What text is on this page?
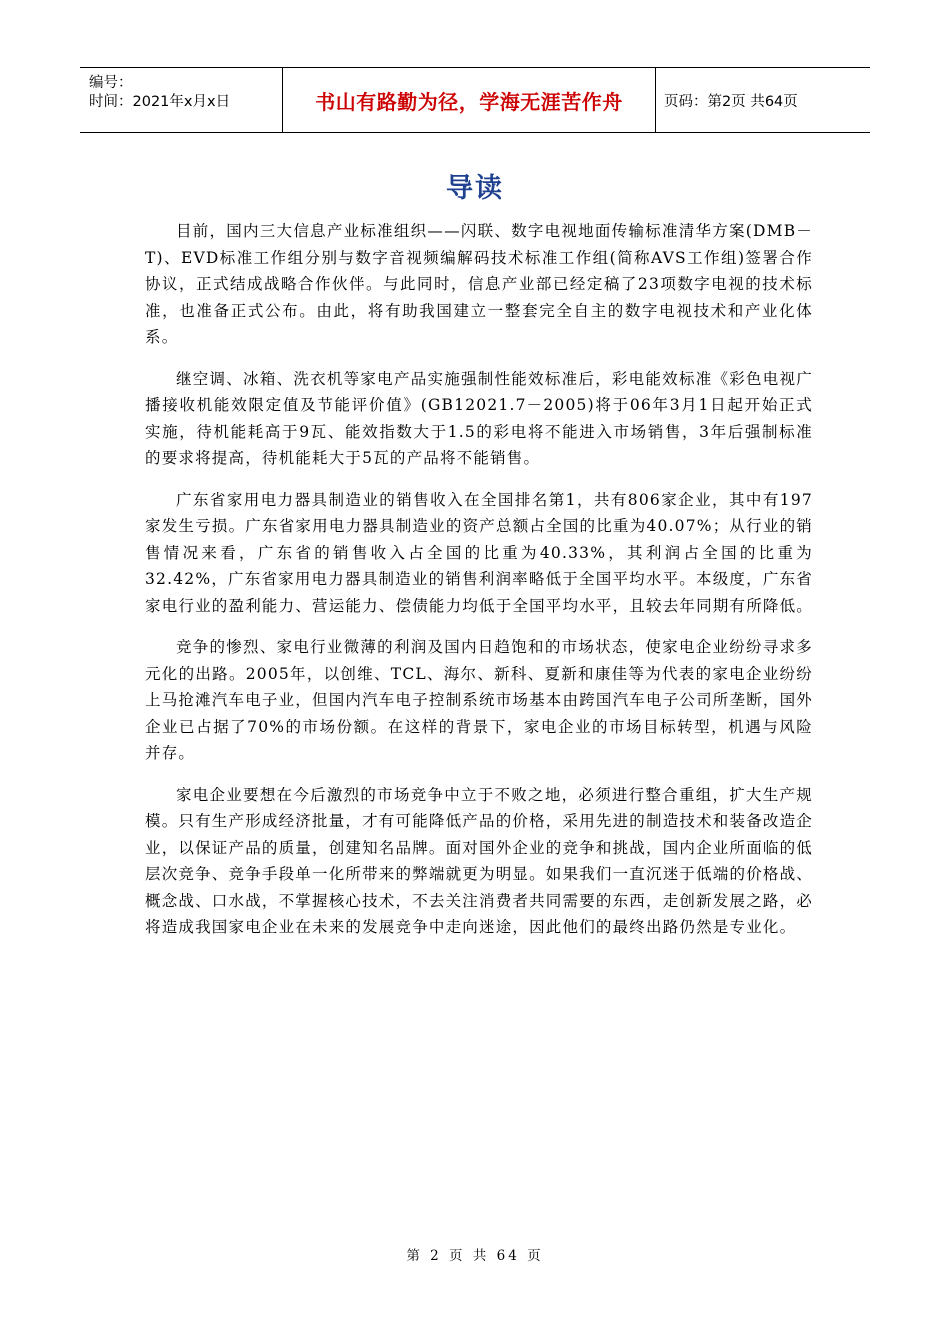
编号：
时间：2021年x月x日	书山有路勤为径，学海无涯苦作舟	页码：第2页 共64页
导读

目前，国内三大信息产业标准组织——闪联、数字电视地面传输标准清华方案(DMB－T)、EVD标准工作组分别与数字音视频编解码技术标准工作组(简称AVS工作组)签署合作协议，正式结成战略合作伙伴。与此同时，信息产业部已经定稿了23项数字电视的技术标准，也准备正式公布。由此，将有助我国建立一整套完全自主的数字电视技术和产业化体系。

继空调、冰箱、洗衣机等家电产品实施强制性能效标准后，彩电能效标准《彩色电视广播接收机能效限定值及节能评价值》(GB12021.7－2005)将于06年3月1日起开始正式实施，待机能耗高于9瓦、能效指数大于1.5的彩电将不能进入市场销售，3年后强制标准的要求将提高，待机能耗大于5瓦的产品将不能销售。

广东省家用电力器具制造业的销售收入在全国排名第1，共有806家企业，其中有197家发生亏损。广东省家用电力器具制造业的资产总额占全国的比重为40.07%；从行业的销售情况来看，广东省的销售收入占全国的比重为40.33%，其利润占全国的比重为32.42%，广东省家用电力器具制造业的销售利润率略低于全国平均水平。本级度，广东省家电行业的盈利能力、营运能力、偿债能力均低于全国平均水平，且较去年同期有所降低。

竞争的惨烈、家电行业微薄的利润及国内日趋饱和的市场状态，使家电企业纷纷寻求多元化的出路。2005年，以创维、TCL、海尔、新科、夏新和康佳等为代表的家电企业纷纷上马抢滩汽车电子业，但国内汽车电子控制系统市场基本由跨国汽车电子公司所垄断，国外企业已占据了70%的市场份额。在这样的背景下，家电企业的市场目标转型，机遇与风险并存。

家电企业要想在今后激烈的市场竞争中立于不败之地，必须进行整合重组，扩大生产规模。只有生产形成经济批量，才有可能降低产品的价格，采用先进的制造技术和装备改造企业，以保证产品的质量，创建知名品牌。面对国外企业的竞争和挑战，国内企业所面临的低层次竞争、竞争手段单一化所带来的弊端就更为明显。如果我们一直沉迷于低端的价格战、概念战、口水战，不掌握核心技术，不去关注消费者共同需要的东西，走创新发展之路，必将造成我国家电企业在未来的发展竞争中走向迷途，因此他们的最终出路仍然是专业化。

第 2 页 共 64 页
